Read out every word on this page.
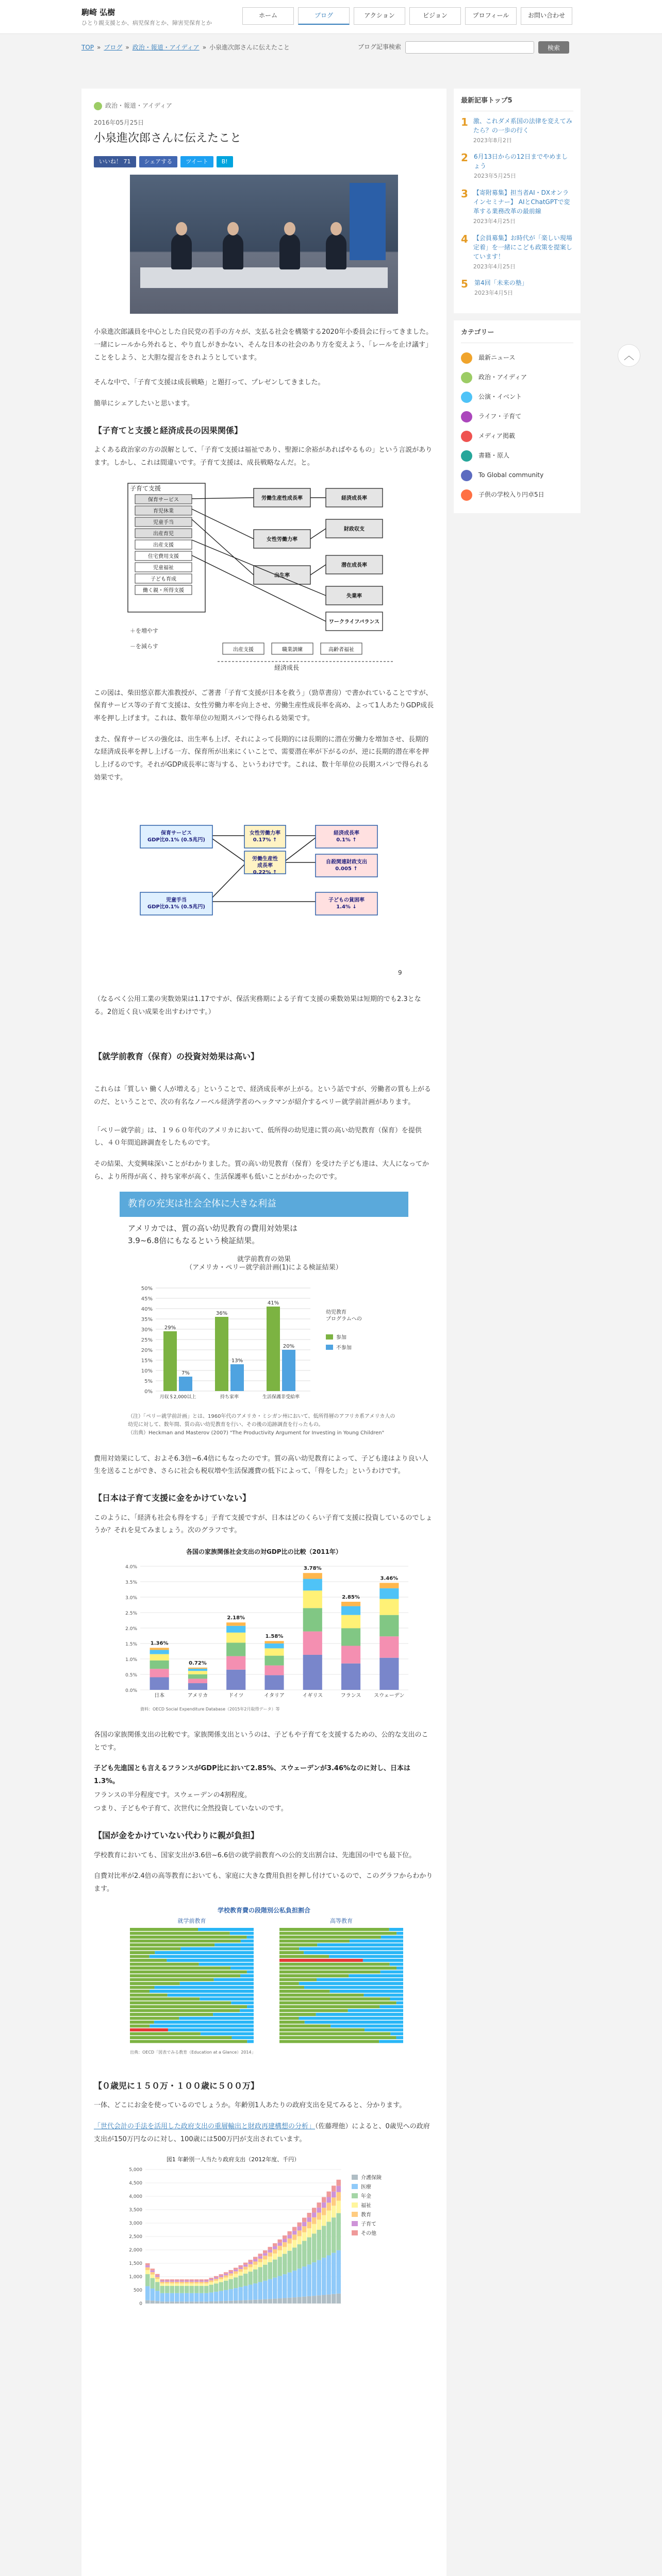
駒崎 弘樹
ひとり親支援とか、病児保育とか、障害児保育とか
ホーム	ブログ	アクション	ビジョン	プロフィール	お問い合わせ
TOP » ブログ » 政治・報道・アイディア » 小泉進次郎さんに伝えたこと	ブログ記事検索	検索
政治・報道・アイディア
2016年05月25日
小泉進次郎さんに伝えたこと
いいね！ 71	シェアする	ツイート	B!

小泉進次郎議員を中心とした自民党の若手の方々が、支払る社会を構築する2020年小委員会に行ってきました。一緒にレールから外れると、やり直しがきかない、そんな日本の社会のあり方を変えよう、「レールを止け議す」ことをしよう、と大胆な提言をされようとしています。

そんな中で、「子育て支援は成長戦略」と題打って、プレゼンしてきました。

簡単にシェアしたいと思います。

【子育てと支援と経済成長の因果関係】

よくある政治家の方の誤解として、「子育て支援は福祉であり、聖源に余裕があればやるもの」という言説があります。しかし、これは間違いです。子育て支援は、成長戦略なんだ。と。

子育て支援
保育サービス
育児休業
児童手当
出産育児
出産支援
住宅費用支援
児童福祉
子ども育成
働く親・所得支援
労働生産性成長率	経済成長率
財政収支
女性労働力率
出生率
潜在成長率
失業率
ワークライフバランス
出産支援	職業訓練	高齢者福祉
＋を増やす
－を減らす
経済成長

この図は、柴田悠京都大准教授が、ご著書「子育て支援が日本を救う」（勁草書房）で書かれていることですが、保育サービス等の子育て支援は、女性労働力率を向上させ、労働生産性成長率を高め、よって1人あたりGDP成長率を押し上げます。これは、数年単位の短期スパンで得られる効果です。

また、保育サービスの強化は、出生率も上げ、それによって長期的には長期的に潜在労働力を増加させ、長期的な経済成長率を押し上げる一方、保育所が出来にくいことで、需要潜在率が下がるのが、逆に長期的潜在率を押し上げるのです。それがGDP成長率に寄与する、というわけです。これは、数十年単位の長期スパンで得られる効果です。

保育サービス
GDP比0.1% (0.5兆円)
児童手当
GDP比0.1% (0.5兆円)
女性労働力率
0.17% ↑
労働生産性
成長率
0.22% ↑
経済成長率
0.1% ↑
自殺関連財政支出
0.005 ↑
子どもの貧困率
1.4% ↓
9

（なるべく公用工業の実数効果は1.17ですが、保活実務期による子育て支援の乗数効果は短期的でも2.3となる。2倍近く良い成果を出すわけです。）

【就学前教育（保育）の投資対効果は高い】

これらは「質しい 働く人が増える」ということで、経済成長率が上がる。という話ですが、労働者の質も上がるのだ、ということで、次の有名なノーベル経済学者のヘックマンが紹介するペリー就学前計画があります。

「ペリー就学前」は、１９６０年代のアメリカにおいて、低所得の幼児達に質の高い幼児教育（保育）を提供し、４０年間追跡調査をしたものです。

その結果、大変興味深いことがわかりました。質の高い幼児教育（保育）を受けた子ども達は、大人になってから、より所得が高く、持ち家率が高く、生活保護率も低いことがわかったのです。

教育の充実は社会全体に大きな利益
アメリカでは、質の高い幼児教育の費用対効果は
3.9~6.8倍にもなるという検証結果。
就学前教育の効果
（アメリカ・ペリー就学前計画(1)による検証結果）
0%
5%
10%
15%
20%
25%
30%
35%
40%
45%
50%
29%
7%
月収＄2,000以上
36%
13%
持ち家率
41%
20%
生活保護非受給率
幼児教育
プログラムへの
参加
不参加
（注）「ペリー就学前計画」とは、1960年代のアメリカ・ミシガン州において、低所得層のアフリカ系アメリカ人の幼児に対して、数年間、質の高い幼児教育を行い、その後の追跡調査を行ったもの。
（出典）Heckman and Masterov (2007) "The Productivity Argument for Investing in Young Children"

費用対効果にして、およそ6.3倍~6.4倍にもなったのです。質の高い幼児教育によって、子ども達はより良い人生を送ることができ、さらに社会も税収増や生活保護費の低下によって、「得をした」というわけです。

【日本は子育て支援に金をかけていない】

このように、「経済も社会も得をする」子育て支援ですが、日本はどのくらい子育て支援に投資しているのでしょうか？それを見てみましょう。次のグラフです。

各国の家族関係社会支出の対GDP比の比較（2011年）
0.0%
0.5%
1.0%
1.5%
2.0%
2.5%
3.0%
3.5%
4.0%
1.36%
日本
0.72%
アメリカ
2.18%
ドイツ
1.58%
イタリア
3.78%
イギリス
2.85%
フランス
3.46%
スウェーデン
資料：OECD Social Expenditure Database（2015年2月取得データ）等

各国の家族関係支出の比較です。家族関係支出というのは、子どもや子育てを支援するための、公的な支出のことです。

子ども先進国とも言えるフランスがGDP比において2.85%、スウェーデンが3.46%なのに対し、日本は1.3%。

フランスの半分程度です。スウェーデンの4割程度。

つまり、子どもや子育て、次世代に全然投資していないのです。

【国が金をかけていない代わりに親が負担】

学校教育においても、国家支出が3.6倍~6.6倍の就学前教育への公的支出割合は、先進国の中でも最下位。

自費対比率が2.4倍の高等教育においても、家庭に大きな費用負担を押し付けているので、このグラフからわかります。

学校教育費の段階別公私負担割合
就学前教育	高等教育
出典：OECD「図表でみる教育（Education at a Glance）2014」
【０歳児に１５０万・１００歳に５００万】

一体、どこにお金を使っているのでしょうか。年齢別1人あたりの政府支出を見てみると、分かります。

「世代会計の手法を活用した政府支出の重層輸出と財政再建構想の分析」（佐藤理他）によると、0歳児への政府支出が150万円なのに対し、100歳には500万円が支出されています。

図1 年齢別一人当たり政府支出（2012年度、千円）
0
500
1,000
1,500
2,000
2,500
3,000
3,500
4,000
4,500
5,000
介護保険
医療
年金
福祉
教育
子育て
その他
最新記事トップ5
1 激、これダメ系国の法律を変えてみたら？の一歩の行く
2023年8月2日
2 6月13日からの12日までやめましょう
2023年5月25日
3 【寄附募集】担当者AI・DXオンラインセミナー】 AIとChatGPTで変革する業務改革の最前線
2023年4月25日
4 【会員募集】お時代が「楽しい現場定着」を一緒にこども政策を提案しています！
2023年4月25日
5 第4回「未来の塾」
2023年4月5日
カテゴリー
最新ニュース
政治・アイディア
公演・イベント
ライフ・子育て
メディア掲載
書籍・原人
To Global community
子供の学校入り円卓5日
︿
